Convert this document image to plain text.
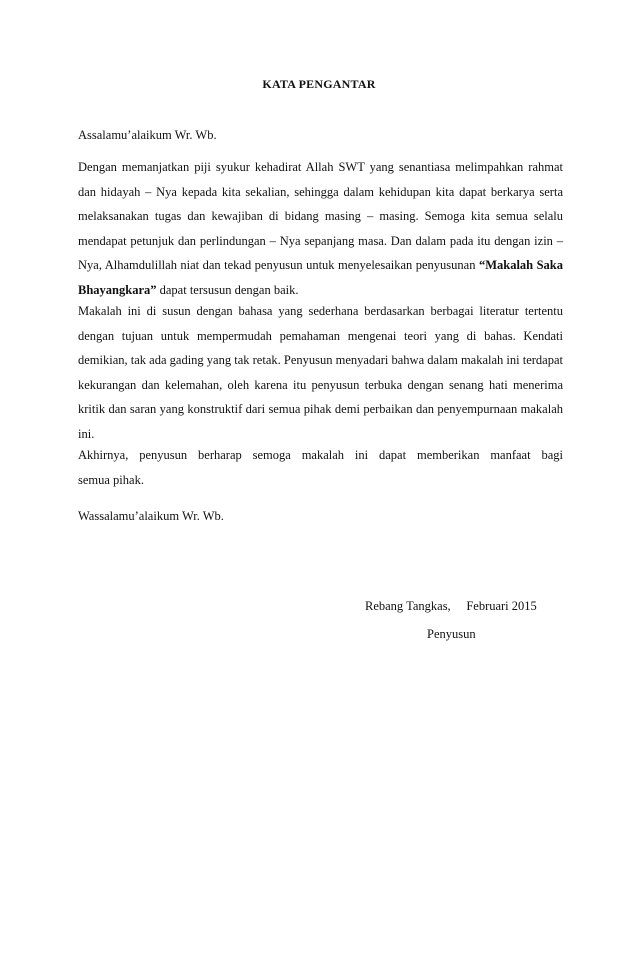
KATA PENGANTAR
Assalamu’alaikum Wr. Wb.
Dengan memanjatkan piji syukur kehadirat Allah SWT yang senantiasa melimpahkan rahmat dan hidayah – Nya kepada kita sekalian, sehingga dalam kehidupan kita dapat berkarya serta melaksanakan tugas dan kewajiban di bidang masing – masing. Semoga kita semua selalu mendapat petunjuk dan perlindungan – Nya sepanjang masa. Dan dalam pada itu dengan izin – Nya, Alhamdulillah niat dan tekad penyusun untuk menyelesaikan penyusunan “Makalah Saka Bhayangkara” dapat tersusun dengan baik.
Makalah ini di susun dengan bahasa yang sederhana berdasarkan berbagai literatur tertentu dengan tujuan untuk mempermudah pemahaman mengenai teori yang di bahas. Kendati demikian, tak ada gading yang tak retak. Penyusun menyadari bahwa dalam makalah ini terdapat kekurangan dan kelemahan, oleh karena itu penyusun terbuka dengan senang hati menerima kritik dan saran yang konstruktif dari semua pihak demi perbaikan dan penyempurnaan makalah ini.
Akhirnya, penyusun berharap semoga makalah ini dapat memberikan manfaat bagi
semua pihak.
Wassalamu’alaikum Wr. Wb.
Rebang Tangkas, Februari 2015
Penyusun
